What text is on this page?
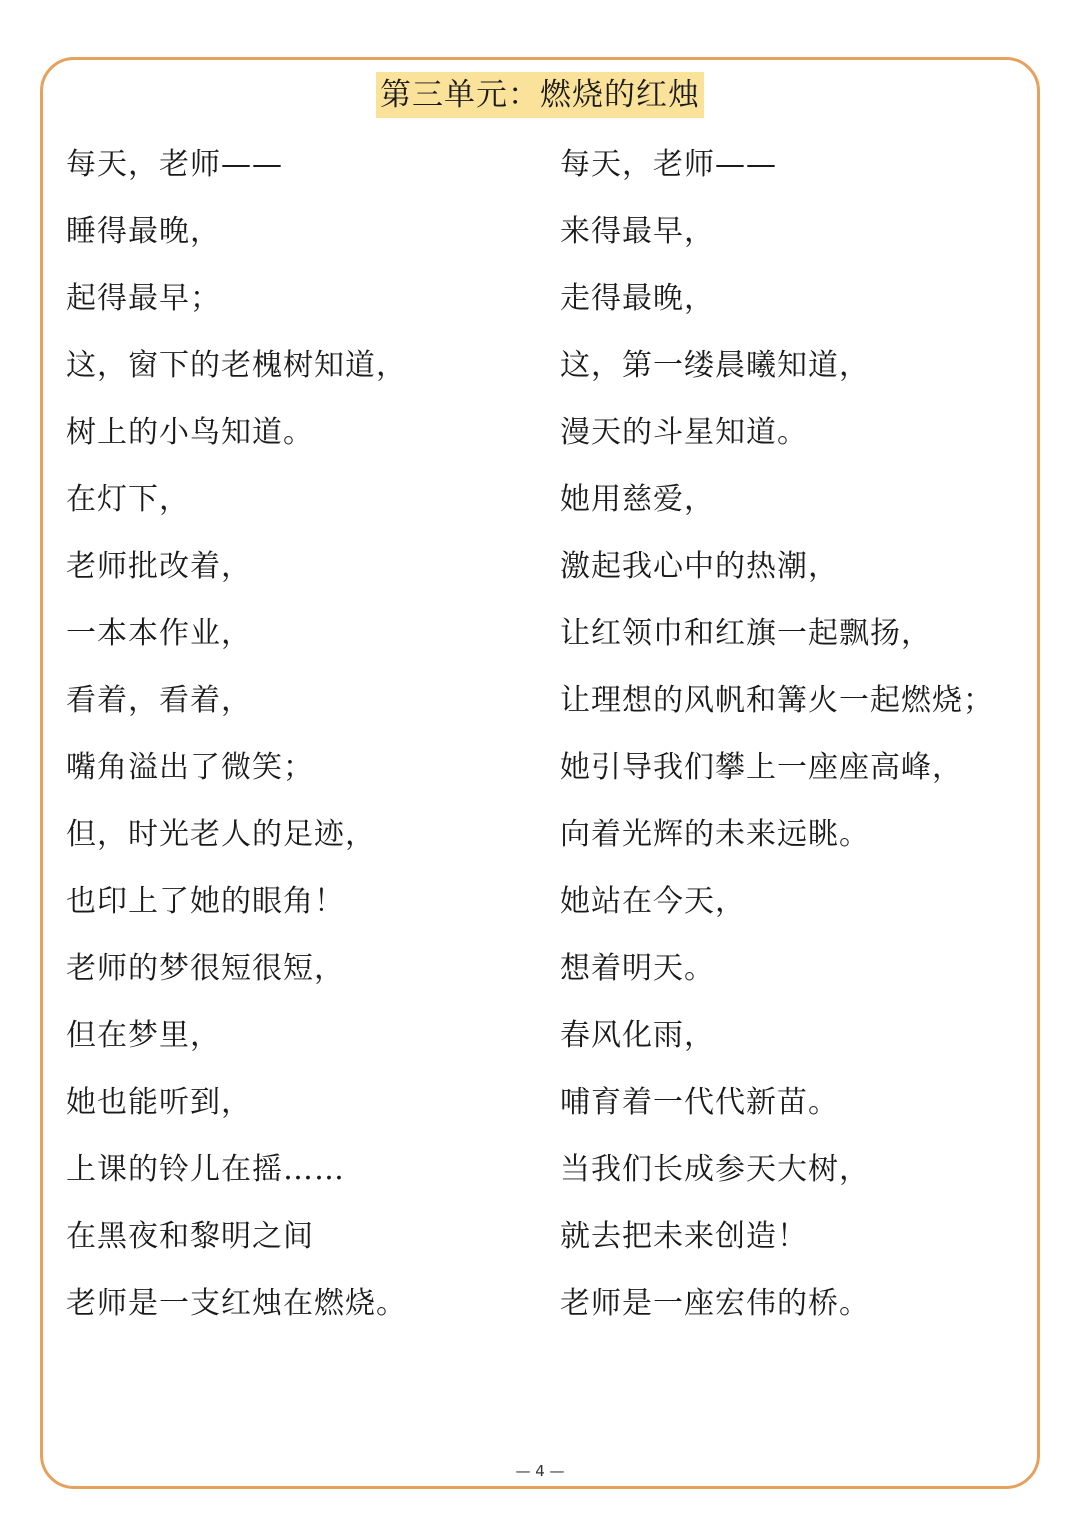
第三单元：燃烧的红烛
每天，老师——
睡得最晚，
起得最早；
这，窗下的老槐树知道，
树上的小鸟知道。
在灯下，
老师批改着，
一本本作业，
看着，看着，
嘴角溢出了微笑；
但，时光老人的足迹，
也印上了她的眼角！
老师的梦很短很短，
但在梦里，
她也能听到，
上课的铃儿在摇……
在黑夜和黎明之间
老师是一支红烛在燃烧。
每天，老师——
来得最早，
走得最晚，
这，第一缕晨曦知道，
漫天的斗星知道。
她用慈爱，
激起我心中的热潮，
让红领巾和红旗一起飘扬，
让理想的风帆和篝火一起燃烧；
她引导我们攀上一座座高峰，
向着光辉的未来远眺。
她站在今天，
想着明天。
春风化雨，
哺育着一代代新苗。
当我们长成参天大树，
就去把未来创造！
老师是一座宏伟的桥。
— 4 —
